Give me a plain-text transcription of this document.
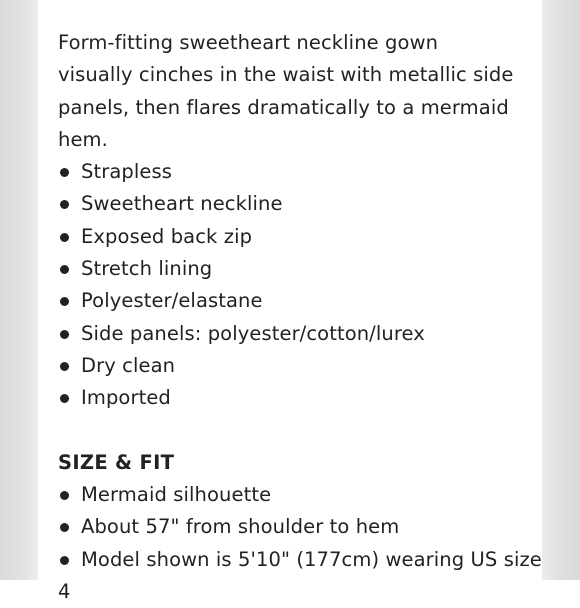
Form-fitting sweetheart neckline gown visually cinches in the waist with metallic side panels, then flares dramatically to a mermaid hem.

Strapless
Sweetheart neckline
Exposed back zip
Stretch lining
Polyester/elastane
Side panels: polyester/cotton/lurex
Dry clean
Imported
SIZE & FIT
Mermaid silhouette
About 57" from shoulder to hem
Model shown is 5'10" (177cm) wearing US size
4
